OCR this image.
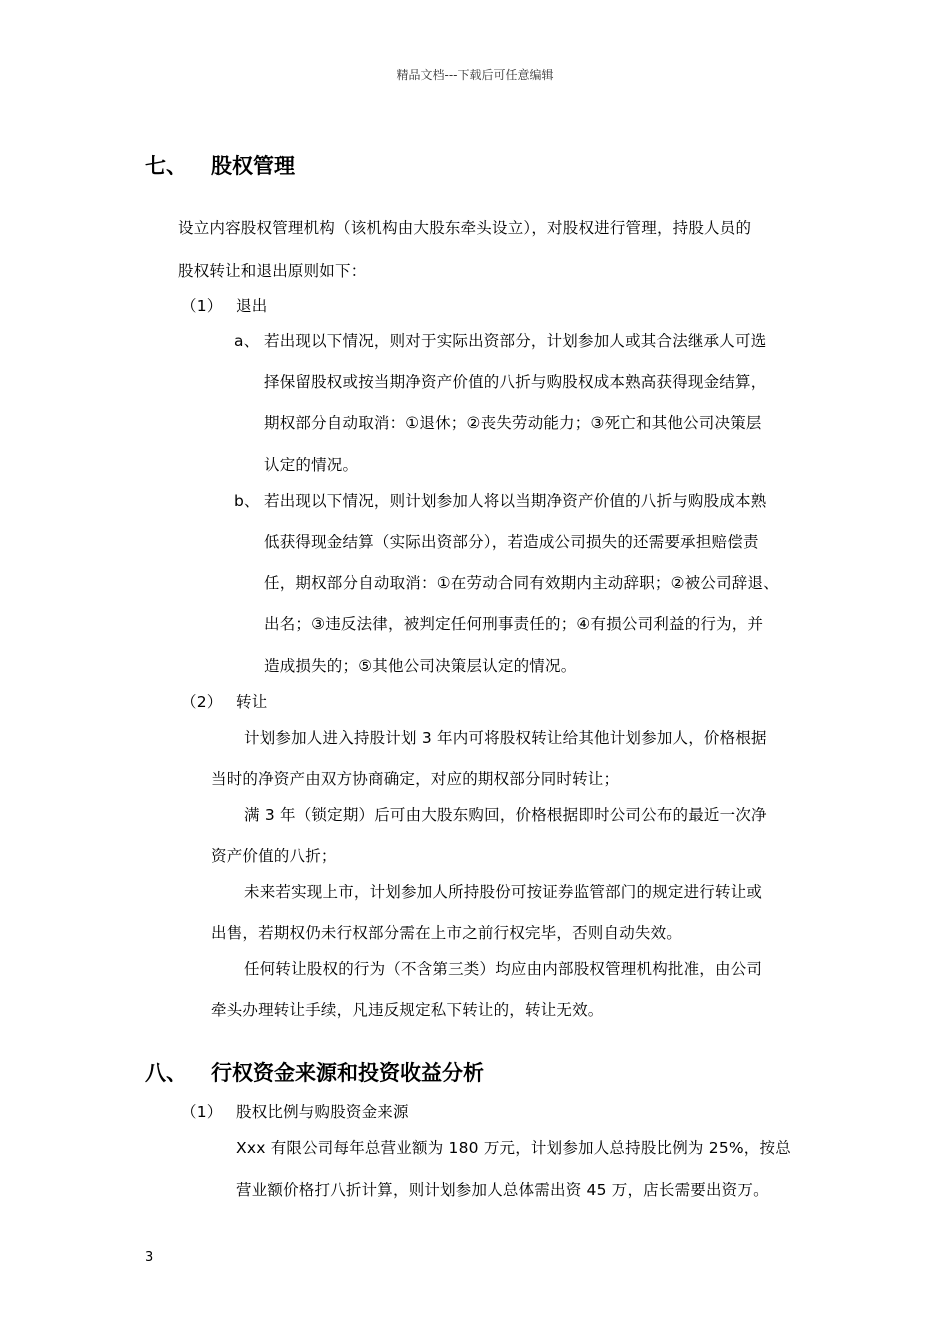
精品文档---下载后可任意编辑
七、 股权管理
设立内容股权管理机构（该机构由大股东牵头设立），对股权进行管理，持股人员的
股权转让和退出原则如下：
（1） 退出
a、 若出现以下情况，则对于实际出资部分，计划参加人或其合法继承人可选
择保留股权或按当期净资产价值的八折与购股权成本熟高获得现金结算，
期权部分自动取消：①退休；②丧失劳动能力；③死亡和其他公司决策层
认定的情况。
b、 若出现以下情况，则计划参加人将以当期净资产价值的八折与购股成本熟
低获得现金结算（实际出资部分），若造成公司损失的还需要承担赔偿责
任，期权部分自动取消：①在劳动合同有效期内主动辞职；②被公司辞退、
出名；③违反法律，被判定任何刑事责任的；④有损公司利益的行为，并
造成损失的；⑤其他公司决策层认定的情况。
（2） 转让
计划参加人进入持股计划 3 年内可将股权转让给其他计划参加人，价格根据
当时的净资产由双方协商确定，对应的期权部分同时转让；
满 3 年（锁定期）后可由大股东购回，价格根据即时公司公布的最近一次净
资产价值的八折；
未来若实现上市，计划参加人所持股份可按证券监管部门的规定进行转让或
出售，若期权仍未行权部分需在上市之前行权完毕，否则自动失效。
任何转让股权的行为（不含第三类）均应由内部股权管理机构批准，由公司
牵头办理转让手续，凡违反规定私下转让的，转让无效。
八、 行权资金来源和投资收益分析
（1） 股权比例与购股资金来源
Xxx 有限公司每年总营业额为 180 万元，计划参加人总持股比例为 25%，按总
营业额价格打八折计算，则计划参加人总体需出资 45 万，店长需要出资万。
3
